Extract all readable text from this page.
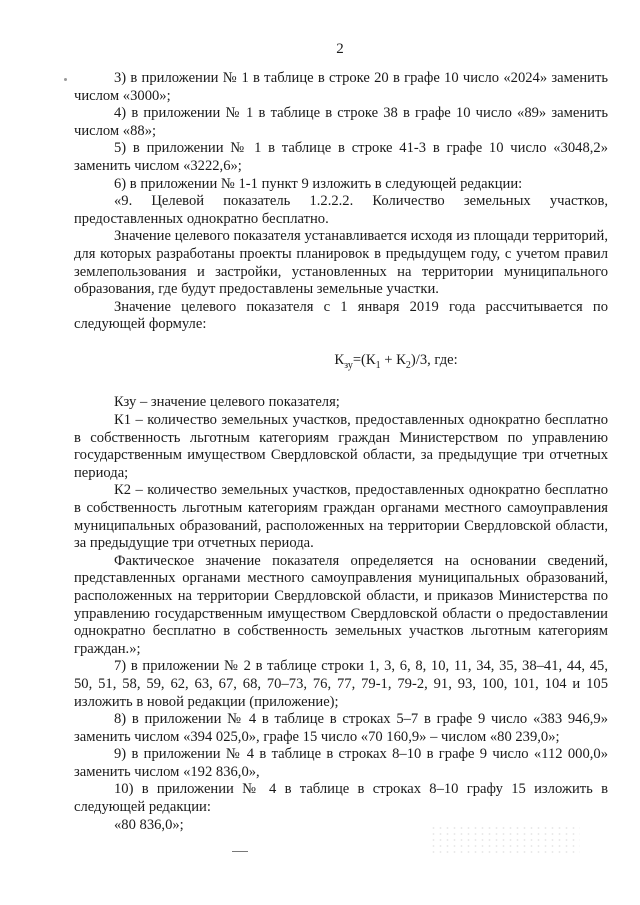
2

3) в приложении № 1 в таблице в строке 20 в графе 10 число «2024» заменить числом «3000»;

4) в приложении № 1 в таблице в строке 38 в графе 10 число «89» заменить числом «88»;

5) в приложении № 1 в таблице в строке 41-3 в графе 10 число «3048,2» заменить числом «3222,6»;

6) в приложении № 1-1 пункт 9 изложить в следующей редакции:

«9. Целевой показатель 1.2.2.2. Количество земельных участков, предоставленных однократно бесплатно.

Значение целевого показателя устанавливается исходя из площади территорий, для которых разработаны проекты планировок в предыдущем году, с учетом правил землепользования и застройки, установленных на территории муниципального образования, где будут предоставлены земельные участки.

Значение целевого показателя с 1 января 2019 года рассчитывается по следующей формуле:

$К_{зу}=(К_1 + К_2)/3$, где:

Кзу – значение целевого показателя;

К1 – количество земельных участков, предоставленных однократно бесплатно в собственность льготным категориям граждан Министерством по управлению государственным имуществом Свердловской области, за предыдущие три отчетных периода;

К2 – количество земельных участков, предоставленных однократно бесплатно в собственность льготным категориям граждан органами местного самоуправления муниципальных образований, расположенных на территории Свердловской области, за предыдущие три отчетных периода.

Фактическое значение показателя определяется на основании сведений, представленных органами местного самоуправления муниципальных образований, расположенных на территории Свердловской области, и приказов Министерства по управлению государственным имуществом Свердловской области о предоставлении однократно бесплатно в собственность земельных участков льготным категориям граждан.»;

7) в приложении № 2 в таблице строки 1, 3, 6, 8, 10, 11, 34, 35, 38–41, 44, 45, 50, 51, 58, 59, 62, 63, 67, 68, 70–73, 76, 77, 79-1, 79-2, 91, 93, 100, 101, 104 и 105 изложить в новой редакции (приложение);

8) в приложении № 4 в таблице в строках 5–7 в графе 9 число «383 946,9» заменить числом «394 025,0», графе 15 число «70 160,9» – числом «80 239,0»;

9) в приложении № 4 в таблице в строках 8–10 в графе 9 число «112 000,0» заменить числом «192 836,0»,

10) в приложении № 4 в таблице в строках 8–10 графу 15 изложить в следующей редакции:

«80 836,0»;
